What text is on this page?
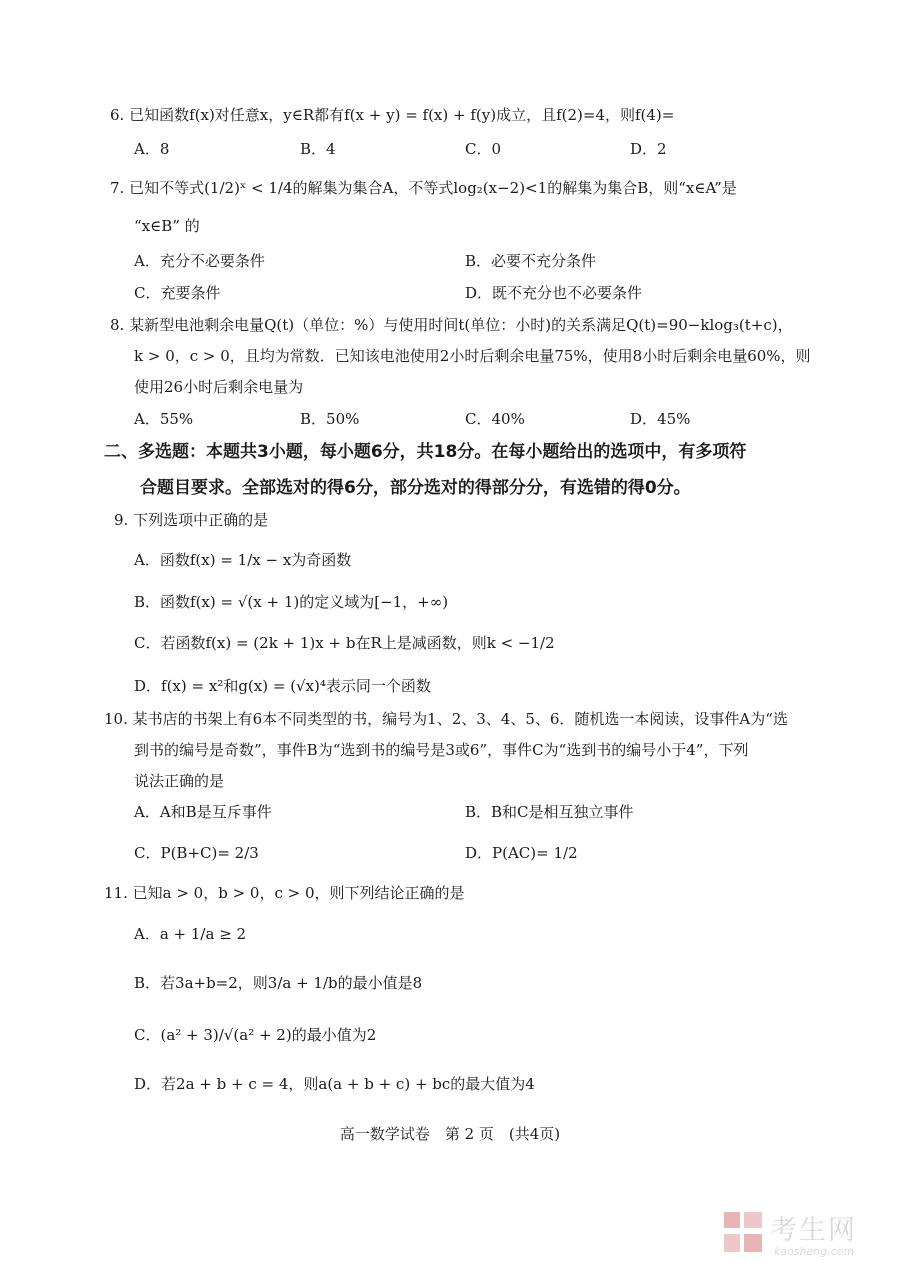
6. 已知函数f(x)对任意x，y∈R都有f(x + y) = f(x) + f(y)成立，且f(2)=4，则f(4)=
A．8	B．4	C．0	D．2
7. 已知不等式(1/2)ˣ < 1/4的解集为集合A，不等式log₂(x−2)<1的解集为集合B，则“x∈A”是
“x∈B” 的
A．充分不必要条件	B．必要不充分条件
C．充要条件	D．既不充分也不必要条件
8. 某新型电池剩余电量Q(t)（单位：%）与使用时间t(单位：小时)的关系满足Q(t)=90−klog₃(t+c)，
k > 0，c > 0，且均为常数．已知该电池使用2小时后剩余电量75%，使用8小时后剩余电量60%，则
使用26小时后剩余电量为
A．55%	B．50%	C．40%	D．45%
二、多选题：本题共3小题，每小题6分，共18分。在每小题给出的选项中，有多项符
合题目要求。全部选对的得6分，部分选对的得部分分，有选错的得0分。
9. 下列选项中正确的是
A．函数f(x) = 1/x − x为奇函数
B．函数f(x) = √(x + 1)的定义域为[−1，+∞)
C．若函数f(x) = (2k + 1)x + b在R上是减函数，则k < −1/2
D．f(x) = x²和g(x) = (√x)⁴表示同一个函数
10. 某书店的书架上有6本不同类型的书，编号为1、2、3、4、5、6．随机选一本阅读，设事件A为“选
到书的编号是奇数”，事件B为“选到书的编号是3或6”，事件C为“选到书的编号小于4”，下列
说法正确的是
A．A和B是互斥事件	B．B和C是相互独立事件
C．P(B+C)= 2/3	D．P(AC)= 1/2
11. 已知a > 0，b > 0，c > 0，则下列结论正确的是
A．a + 1/a ≥ 2
B．若3a+b=2，则3/a + 1/b的最小值是8
C．(a² + 3)/√(a² + 2)的最小值为2
D．若2a + b + c = 4，则a(a + b + c) + bc的最大值为4
高一数学试卷　第 2 页　(共4页)
考生网
kaosheng.com
